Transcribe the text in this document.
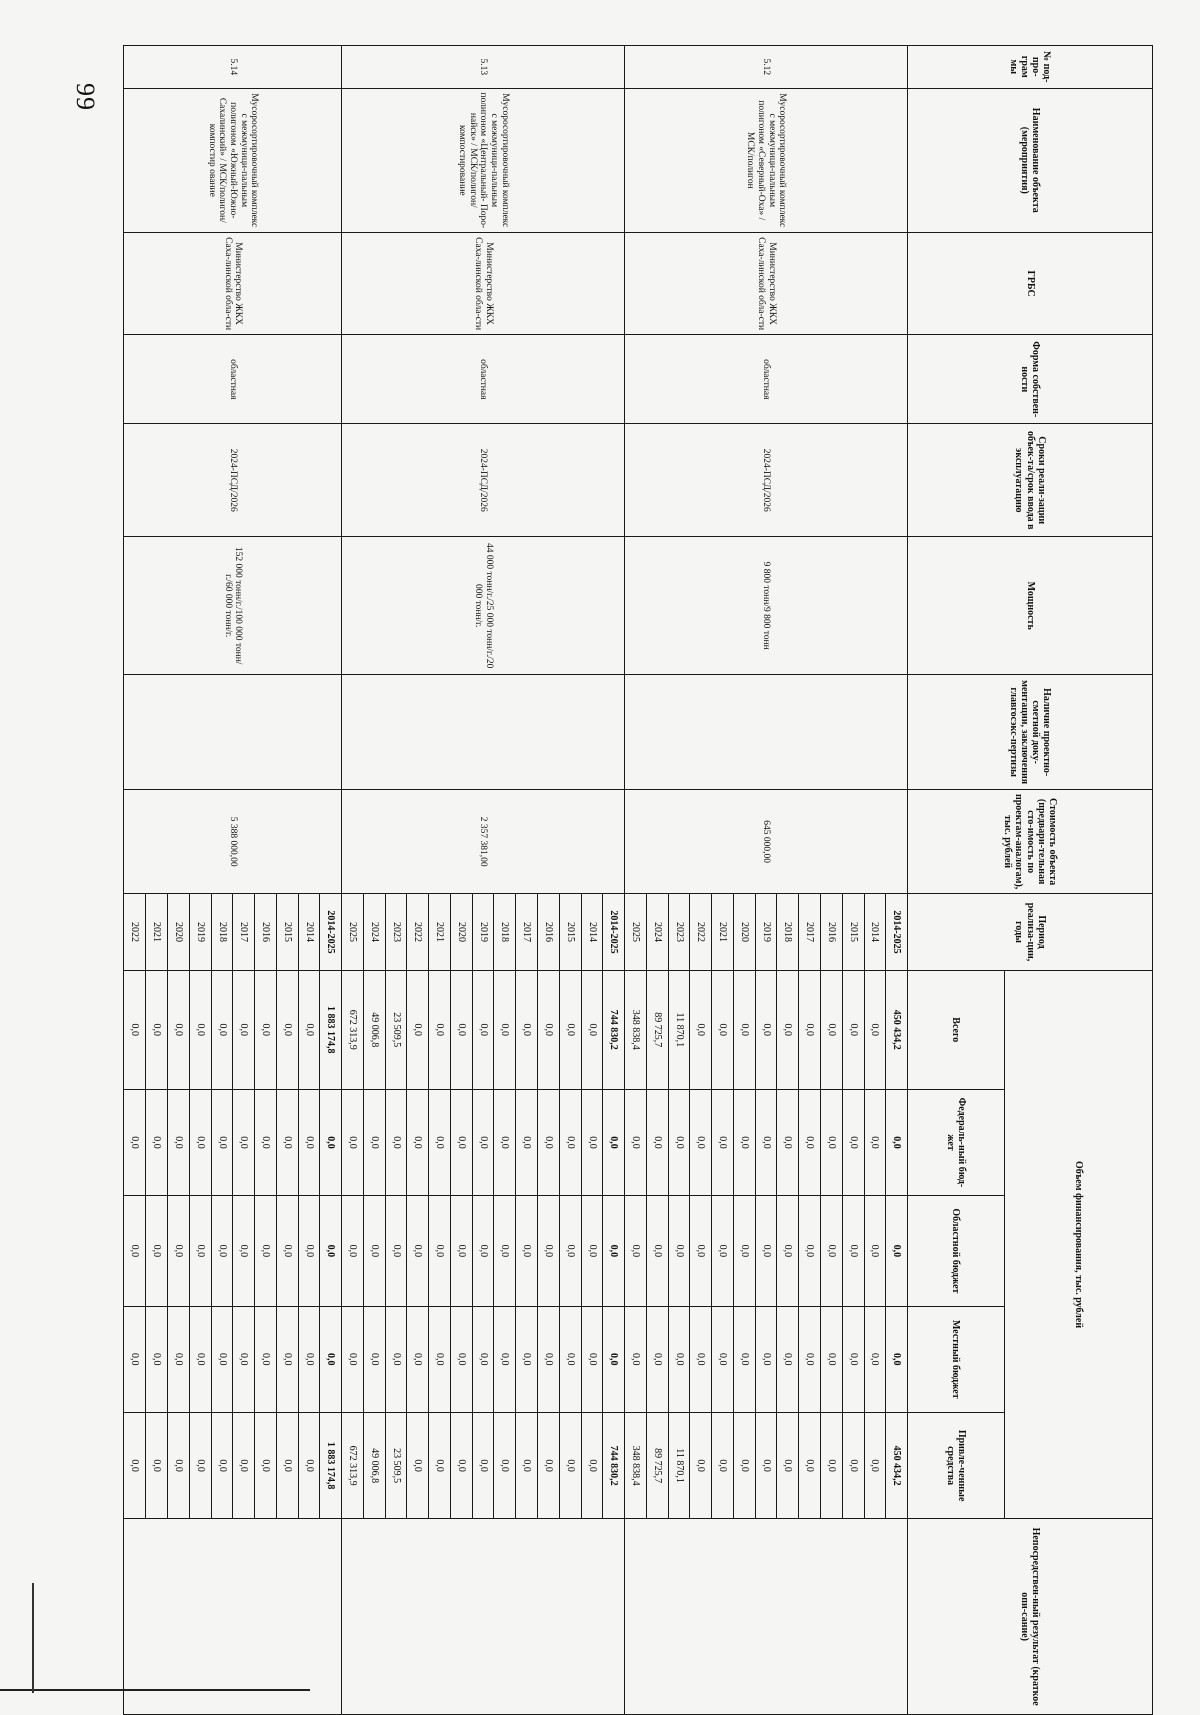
99
№ под-про-грам мы	Наименование объекта (мероприятия)	ГРБС	Форма собствен-ности	Сроки реали-зации объек-та/срок ввода в эксплуатацию	Мощность	Наличие проектно-сметной доку-ментации, заключения главгосэкс-пертизы	Стоимость объекта (предвари-тельная сто-имость по проектам-аналогам), тыс. рублей	Период реализа-ции, годы	Объем финансирования, тыс. рублей					Непосредствен-ный результат (краткое опи-сание)
									Всего	Федераль-ный бюд-жет	Областной бюджет	Местный бюджет	Привле-ченные средства	
5.12	Мусоросортировочный комплекс с межмуници-пальным полигоном «Северный-Оха» / МСК/полигон	Министерство ЖКХ Саха-линской обла-сти	областная	2024-ПСД/2026	9 800 тонн/9 800 тонн		645 000,00	2014-2025	450 434,2	0,0	0,0	0,0	450 434,2	
								2014	0,0	0,0	0,0	0,0	0,0	
								2015	0,0	0,0	0,0	0,0	0,0	
								2016	0,0	0,0	0,0	0,0	0,0	
								2017	0,0	0,0	0,0	0,0	0,0	
								2018	0,0	0,0	0,0	0,0	0,0	
								2019	0,0	0,0	0,0	0,0	0,0	
								2020	0,0	0,0	0,0	0,0	0,0	
								2021	0,0	0,0	0,0	0,0	0,0	
								2022	0,0	0,0	0,0	0,0	0,0	
								2023	11 870,1	0,0	0,0	0,0	11 870,1	
								2024	89 725,7	0,0	0,0	0,0	89 725,7	
								2025	348 838,4	0,0	0,0	0,0	348 838,4	
5.13	Мусоросортировочный комплекс с межмуници-пальным полигоном «Центральный- Поро-найск» / МСК/полигон/ компостирование	Министерство ЖКХ Саха-линской обла-сти	областная	2024-ПСД/2026	44 000 тонн/г./25 000 тонн/г./20 000 тонн/г.		2 357 381,00	2014-2025	744 830,2	0,0	0,0	0,0	744 830,2	
								2014	0,0	0,0	0,0	0,0	0,0	
								2015	0,0	0,0	0,0	0,0	0,0	
								2016	0,0	0,0	0,0	0,0	0,0	
								2017	0,0	0,0	0,0	0,0	0,0	
								2018	0,0	0,0	0,0	0,0	0,0	
								2019	0,0	0,0	0,0	0,0	0,0	
								2020	0,0	0,0	0,0	0,0	0,0	
								2021	0,0	0,0	0,0	0,0	0,0	
								2022	0,0	0,0	0,0	0,0	0,0	
								2023	23 509,5	0,0	0,0	0,0	23 509,5	
								2024	49 006,8	0,0	0,0	0,0	49 006,8	
								2025	672 313,9	0,0	0,0	0,0	672 313,9	
5.14	Мусоросортировочный комплекс с межмуници-пальным полигоном «Южный-Южно-Сахалинский» / МСК/полигон/компостир ование	Министерство ЖКХ Саха-линской обла-сти	областная	2024-ПСД/2026	152 000 тонн/г./100 000 тонн/г./60 000 тонн/г.		5 388 000,00	2014-2025	1 883 174,8	0,0	0,0	0,0	1 883 174,8	
								2014	0,0	0,0	0,0	0,0	0,0	
								2015	0,0	0,0	0,0	0,0	0,0	
								2016	0,0	0,0	0,0	0,0	0,0	
								2017	0,0	0,0	0,0	0,0	0,0	
								2018	0,0	0,0	0,0	0,0	0,0	
								2019	0,0	0,0	0,0	0,0	0,0	
								2020	0,0	0,0	0,0	0,0	0,0	
								2021	0,0	0,0	0,0	0,0	0,0	
								2022	0,0	0,0	0,0	0,0	0,0	
